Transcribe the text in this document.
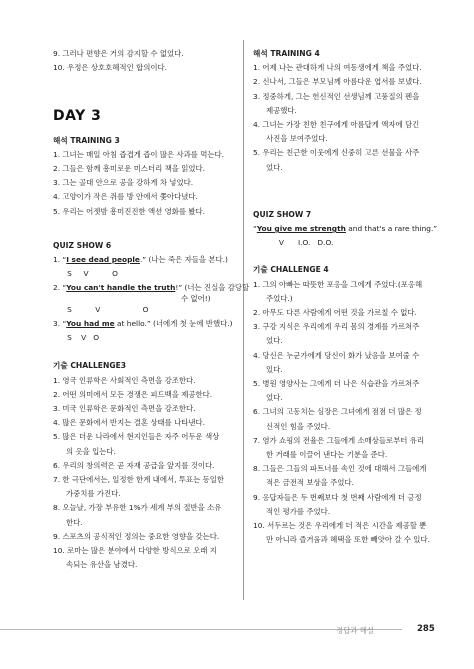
9. 그러나 편향은 거의 감지할 수 없었다.
10. 우정은 상호호혜적인 합의이다.
DAY 3
해석 TRAINING 3
1. 그녀는 매일 아침 즙겹게 즙이 많은 사과를 먹는다.
2. 그들은 함께 흥미로운 미스터리 책을 읽었다.
3. 그는 골대 안으로 공을 강하게 차 넣었다.
4. 고양이가 작은 쥐를 방 안에서 쫓아다녔다.
5. 우리는 어젯밤 흥미진진한 액션 영화를 봤다.
QUIZ SHOW 6
1. “I see dead people.” (나는 죽은 자들을 본다.)
S     V          O
2. “You can't handle the truth!” (너는 진실을 감당할
수 없어!)
S          V                  O
3. “You had me at hello.” (너에게 첫 눈에 반했다.)
S    V   O
기출 CHALLENGE3
1. 영국 인류학은 사회적인 측면을 강조한다.
2. 어떤 의미에서 모든 경쟁은 피드백을 제공한다.
3. 미국 인류학은 문화적인 측면을 강조한다.
4. 많은 문화에서 반지는 결혼 상태를 나타낸다.
5. 많은 더운 나라에서 현지인들은 자주 어두운 색상
의 옷을 입는다.
6. 우리의 창의력은 곧 자재 공급을 앞지를 것이다.
7. 한 극단에서는, 일정한 한계 내에서, 투표는 동일한
가중치를 가진다.
8. 오늘날, 가장 부유한 1%가 세계 부의 절반을 소유
한다.
9. 스포츠의 공식적인 정의는 중요한 영향을 갖는다.
10. 로마는 많은 분야에서 다양한 방식으로 오래 지
속되는 유산을 남겼다.
해석 TRAINING 4
1. 어제 나는 관대하게 나의 여동생에게 책을 주었다.
2. 신나서, 그들은 부모님께 아름다운 엽서를 보냈다.
3. 정중하게, 그는 헌신적인 선생님께 고풍질의 펜을
제공했다.
4. 그녀는 가장 친한 친구에게 아름답게 액자에 담긴
사진을 보여주었다.
5. 우리는 친근한 이웃에게 신중히 고른 선물을 사주
었다.
QUIZ SHOW 7
“You give me strength and that's a rare thing.”
V      I.O.   D.O.
기출 CHALLENGE 4
1. 그의 아빠는 따뜻한 포옹을 그에게 주었다.(포옹해
주었다.)
2. 아무도 다른 사람에게 어떤 것을 가르칠 수 없다.
3. 구강 지식은 우리에게 우리 몸의 경계를 가르쳐주
었다.
4. 당신은 누군가에게 당신이 화가 났음을 보여줄 수
있다.
5. 병원 영양사는 그에게 더 나은 식습관을 가르쳐주
었다.
6. 그녀의 고동치는 심장은 그녀에게 점점 더 많은 정
신적인 힘을 주었다.
7. 염가 쇼핑의 전율은 그들에게 소매상들로부터 유리
한 거래를 이끌어 낸다는 기분을 준다.
8. 그들은 그들의 파트너를 속인 것에 대해서 그들에게
적은 금전적 보상을 주었다.
9. 응답자들은 두 번째보다 첫 번째 사람에게 더 긍정
적인 평가를 주었다.
10. 서두르는 것은 우리에게 더 적은 시간을 제공할 뿐
만 아니라 즐거움과 혜택을 또한 빼앗아 갈 수 있다.
정답과 해설	285
